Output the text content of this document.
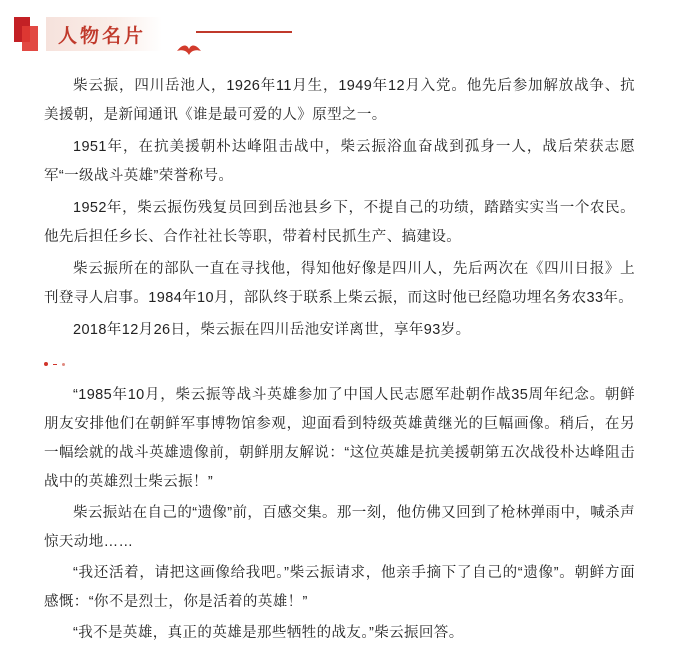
人物名片

柴云振，四川岳池人，1926年11月生，1949年12月入党。他先后参加解放战争、抗美援朝，是新闻通讯《谁是最可爱的人》原型之一。

1951年，在抗美援朝朴达峰阻击战中，柴云振浴血奋战到孤身一人，战后荣获志愿军“一级战斗英雄”荣誉称号。

1952年，柴云振伤残复员回到岳池县乡下，不提自己的功绩，踏踏实实当一个农民。他先后担任乡长、合作社社长等职，带着村民抓生产、搞建设。

柴云振所在的部队一直在寻找他，得知他好像是四川人，先后两次在《四川日报》上刊登寻人启事。1984年10月，部队终于联系上柴云振，而这时他已经隐功埋名务农33年。

2018年12月26日，柴云振在四川岳池安详离世，享年93岁。

“1985年10月，柴云振等战斗英雄参加了中国人民志愿军赴朝作战35周年纪念。朝鲜朋友安排他们在朝鲜军事博物馆参观，迎面看到特级英雄黄继光的巨幅画像。稍后，在另一幅绘就的战斗英雄遗像前，朝鲜朋友解说：“这位英雄是抗美援朝第五次战役朴达峰阻击战中的英雄烈士柴云振！”

柴云振站在自己的“遗像”前，百感交集。那一刻，他仿佛又回到了枪林弹雨中，喊杀声惊天动地……

“我还活着，请把这画像给我吧。”柴云振请求，他亲手摘下了自己的“遗像”。朝鲜方面感慨：“你不是烈士，你是活着的英雄！”

“我不是英雄，真正的英雄是那些牺牲的战友。”柴云振回答。
